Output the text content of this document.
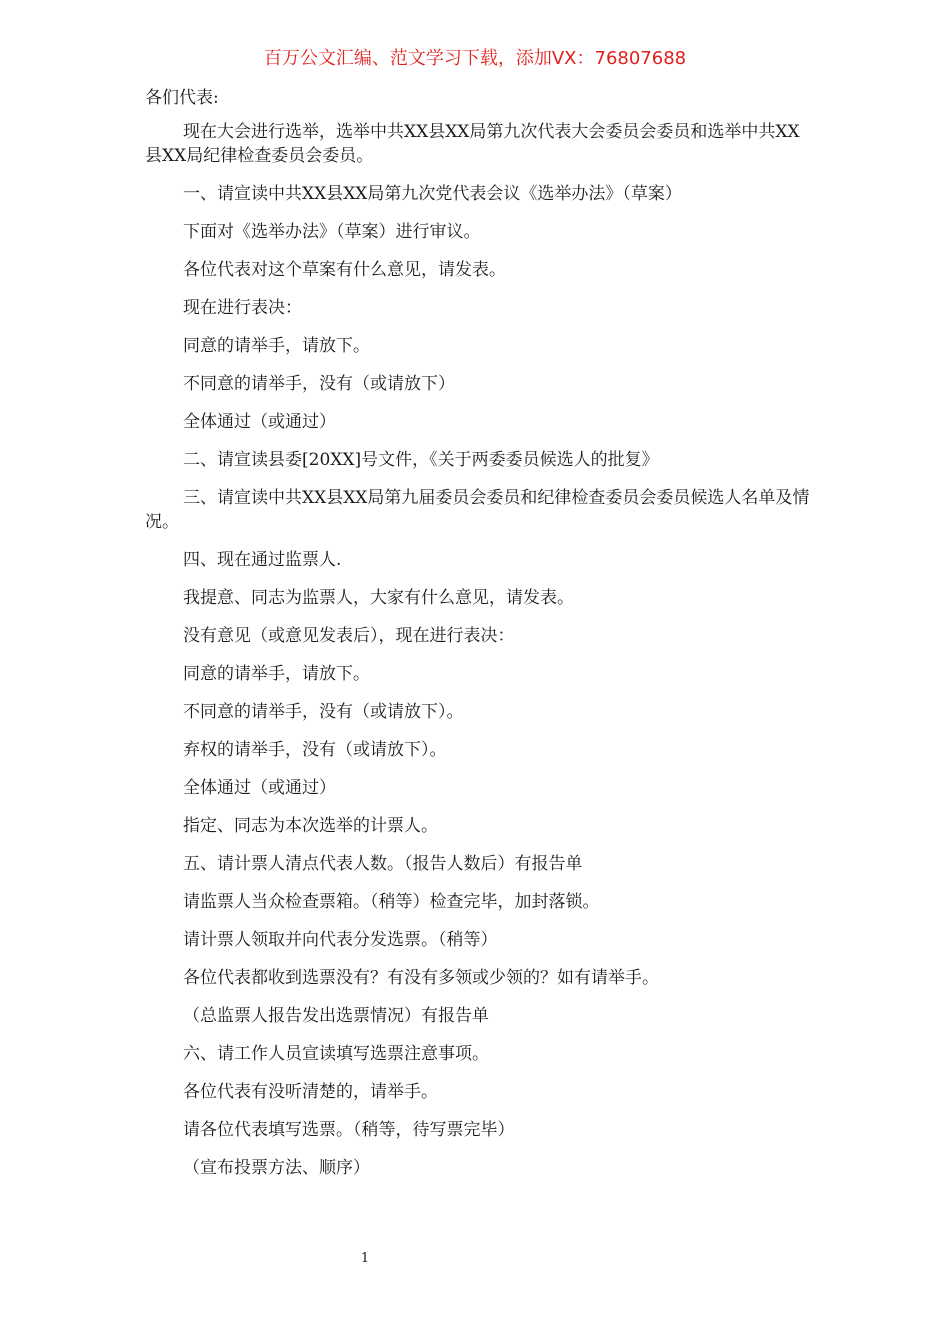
百万公文汇编、范文学习下载，添加VX：76807688

各们代表:

现在大会进行选举，选举中共XX县XX局第九次代表大会委员会委员和选举中共XX县XX局纪律检查委员会委员。

一、请宣读中共XX县XX局第九次党代表会议《选举办法》（草案）

下面对《选举办法》（草案）进行审议。

各位代表对这个草案有什么意见，请发表。

现在进行表决：

同意的请举手，请放下。

不同意的请举手，没有（或请放下）

全体通过（或通过）

二、请宣读县委[20XX]号文件，《关于两委委员候选人的批复》

三、请宣读中共XX县XX局第九届委员会委员和纪律检查委员会委员候选人名单及情况。

四、现在通过监票人.

我提意、同志为监票人，大家有什么意见，请发表。

没有意见（或意见发表后），现在进行表决：

同意的请举手，请放下。

不同意的请举手，没有（或请放下）。

弃权的请举手，没有（或请放下）。

全体通过（或通过）

指定、同志为本次选举的计票人。

五、请计票人清点代表人数。（报告人数后）有报告单

请监票人当众检查票箱。（稍等）检查完毕，加封落锁。

请计票人领取并向代表分发选票。（稍等）

各位代表都收到选票没有？有没有多领或少领的？如有请举手。

（总监票人报告发出选票情况）有报告单

六、请工作人员宣读填写选票注意事项。

各位代表有没听清楚的，请举手。

请各位代表填写选票。（稍等，待写票完毕）

（宣布投票方法、顺序）

1
